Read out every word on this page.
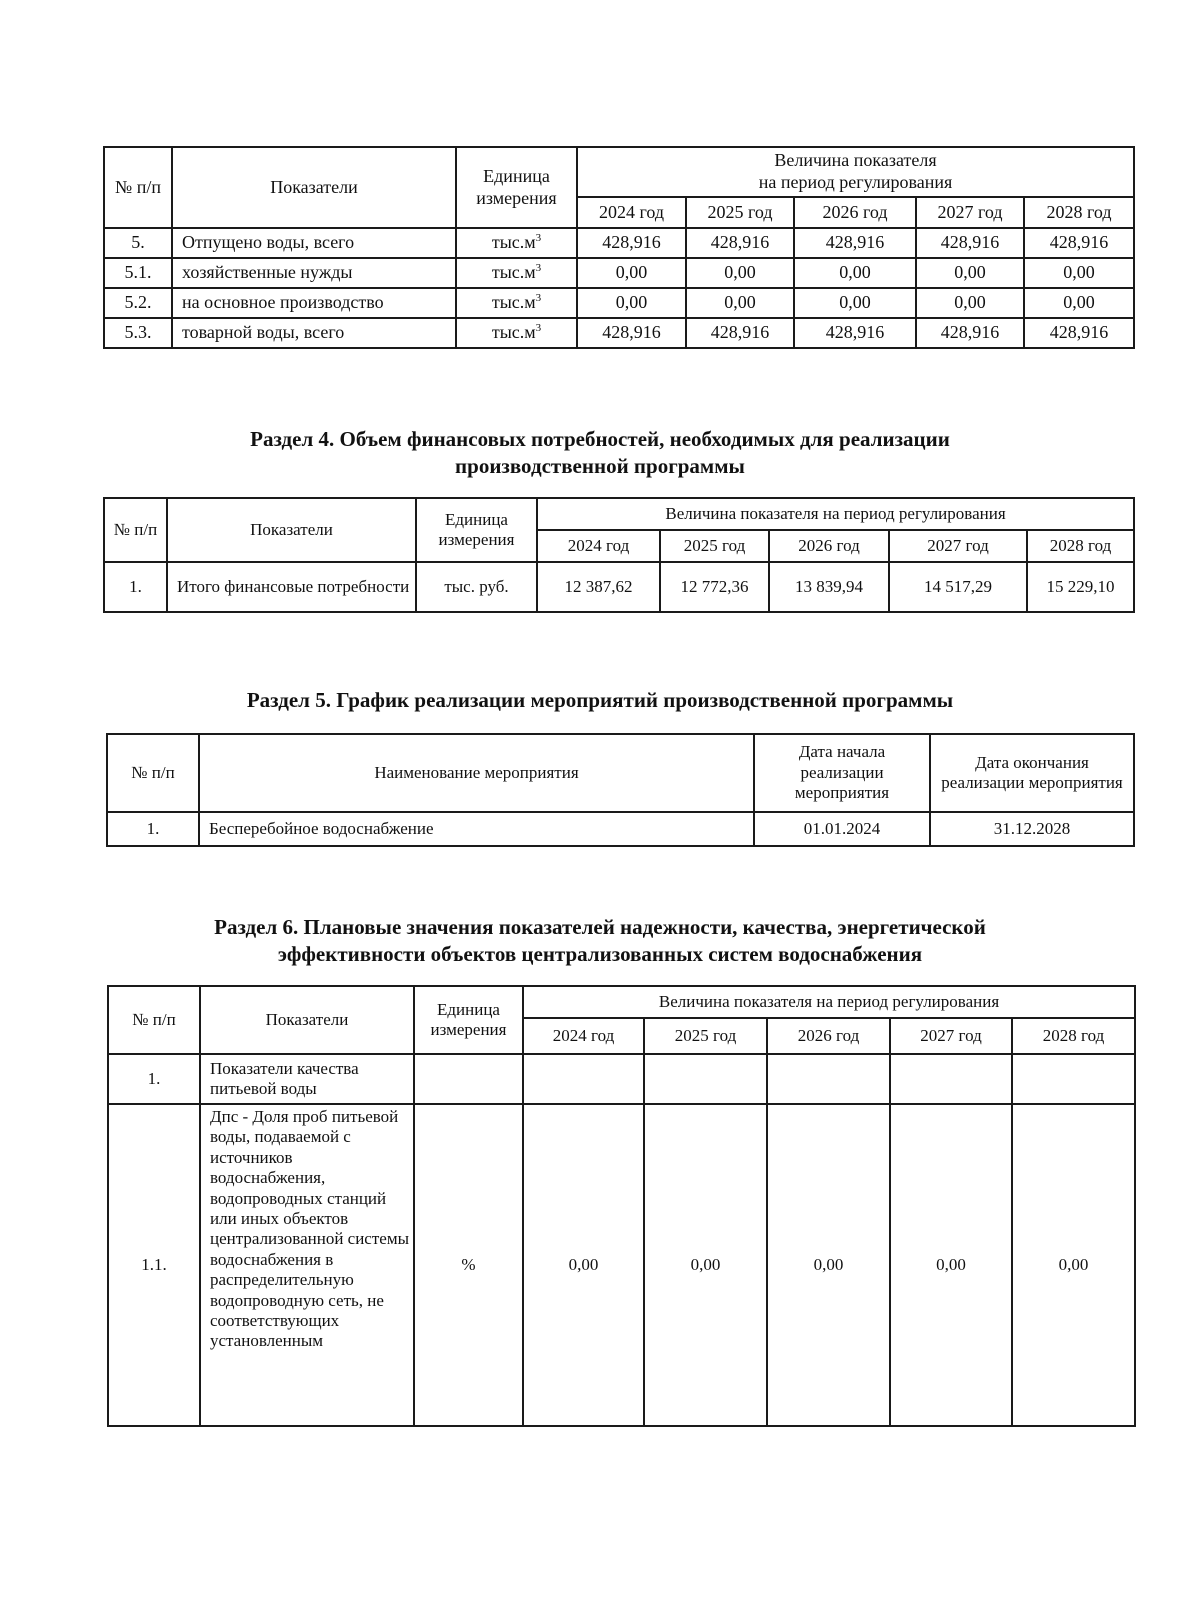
№ п/п	Показатели	Единица измерения	Величина показателя
на период регулирования				
			2024 год	2025 год	2026 год	2027 год	2028 год
5.	Отпущено воды, всего	$тыс.м^3$	428,916	428,916	428,916	428,916	428,916
5.1.	хозяйственные нужды	$тыс.м^3$	0,00	0,00	0,00	0,00	0,00
5.2.	на основное производство	$тыс.м^3$	0,00	0,00	0,00	0,00	0,00
5.3.	товарной воды, всего	$тыс.м^3$	428,916	428,916	428,916	428,916	428,916
Раздел 4. Объем финансовых потребностей, необходимых для реализации
производственной программы
№ п/п	Показатели	Единица измерения	Величина показателя на период регулирования				
			2024 год	2025 год	2026 год	2027 год	2028 год
1.	Итого финансовые потребности	тыс. руб.	12 387,62	12 772,36	13 839,94	14 517,29	15 229,10
Раздел 5. График реализации мероприятий производственной программы
№ п/п	Наименование мероприятия	Дата начала реализации мероприятия	Дата окончания реализации мероприятия
1.	Бесперебойное водоснабжение	01.01.2024	31.12.2028
Раздел 6. Плановые значения показателей надежности, качества, энергетической
эффективности объектов централизованных систем водоснабжения
№ п/п	Показатели	Единица измерения	Величина показателя на период регулирования				
			2024 год	2025 год	2026 год	2027 год	2028 год
1.	Показатели качества питьевой воды						
1.1.	Дпс - Доля проб питьевой воды, подаваемой с источников водоснабжения, водопроводных станций или иных объектов централизованной системы водоснабжения в распределительную водопроводную сеть, не соответствующих установленным	%	0,00	0,00	0,00	0,00	0,00
